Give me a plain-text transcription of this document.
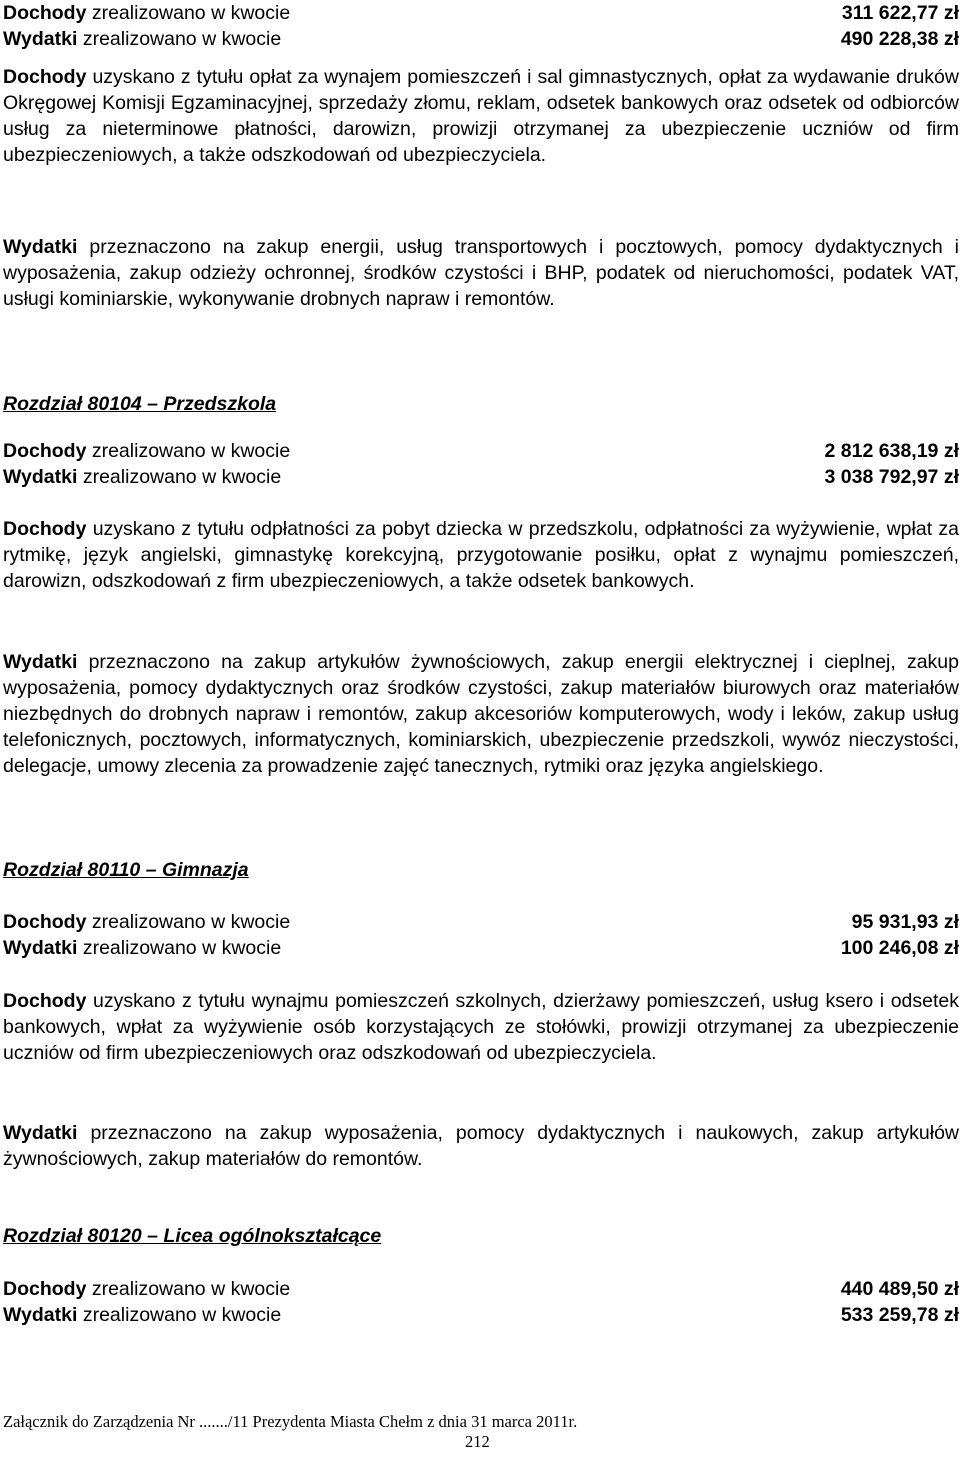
Dochody zrealizowano w kwocie	311 622,77 zł
Wydatki zrealizowano w kwocie	490 228,38 zł

Dochody uzyskano z tytułu opłat za wynajem pomieszczeń i sal gimnastycznych, opłat za wydawanie druków Okręgowej Komisji Egzaminacyjnej, sprzedaży złomu, reklam, odsetek bankowych oraz odsetek od odbiorców usług za nieterminowe płatności, darowizn, prowizji otrzymanej za ubezpieczenie uczniów od firm ubezpieczeniowych, a także odszkodowań od ubezpieczyciela.

Wydatki przeznaczono na zakup energii, usług transportowych i pocztowych, pomocy dydaktycznych i wyposażenia, zakup odzieży ochronnej, środków czystości i BHP, podatek od nieruchomości, podatek VAT, usługi kominiarskie, wykonywanie drobnych napraw i remontów.

Rozdział 80104 – Przedszkola
Dochody zrealizowano w kwocie	2 812 638,19 zł
Wydatki zrealizowano w kwocie	3 038 792,97 zł

Dochody uzyskano z tytułu odpłatności za pobyt dziecka w przedszkolu, odpłatności za wyżywienie, wpłat za rytmikę, język angielski, gimnastykę korekcyjną, przygotowanie posiłku, opłat z wynajmu pomieszczeń, darowizn, odszkodowań z firm ubezpieczeniowych, a także odsetek bankowych.

Wydatki przeznaczono na zakup artykułów żywnościowych, zakup energii elektrycznej i cieplnej, zakup wyposażenia, pomocy dydaktycznych oraz środków czystości, zakup materiałów biurowych oraz materiałów niezbędnych do drobnych napraw i remontów, zakup akcesoriów komputerowych, wody i leków, zakup usług telefonicznych, pocztowych, informatycznych, kominiarskich, ubezpieczenie przedszkoli, wywóz nieczystości, delegacje, umowy zlecenia za prowadzenie zajęć tanecznych, rytmiki oraz języka angielskiego.

Rozdział 80110 – Gimnazja
Dochody zrealizowano w kwocie	95 931,93 zł
Wydatki zrealizowano w kwocie	100 246,08 zł

Dochody uzyskano z tytułu wynajmu pomieszczeń szkolnych, dzierżawy pomieszczeń, usług ksero i odsetek bankowych, wpłat za wyżywienie osób korzystających ze stołówki, prowizji otrzymanej za ubezpieczenie uczniów od firm ubezpieczeniowych oraz odszkodowań od ubezpieczyciela.

Wydatki przeznaczono na zakup wyposażenia, pomocy dydaktycznych i naukowych, zakup artykułów żywnościowych, zakup materiałów do remontów.

Rozdział 80120 – Licea ogólnokształcące
Dochody zrealizowano w kwocie	440 489,50 zł
Wydatki zrealizowano w kwocie	533 259,78 zł
Załącznik do Zarządzenia Nr ......./11 Prezydenta Miasta Chełm z dnia 31 marca 2011r.
212
